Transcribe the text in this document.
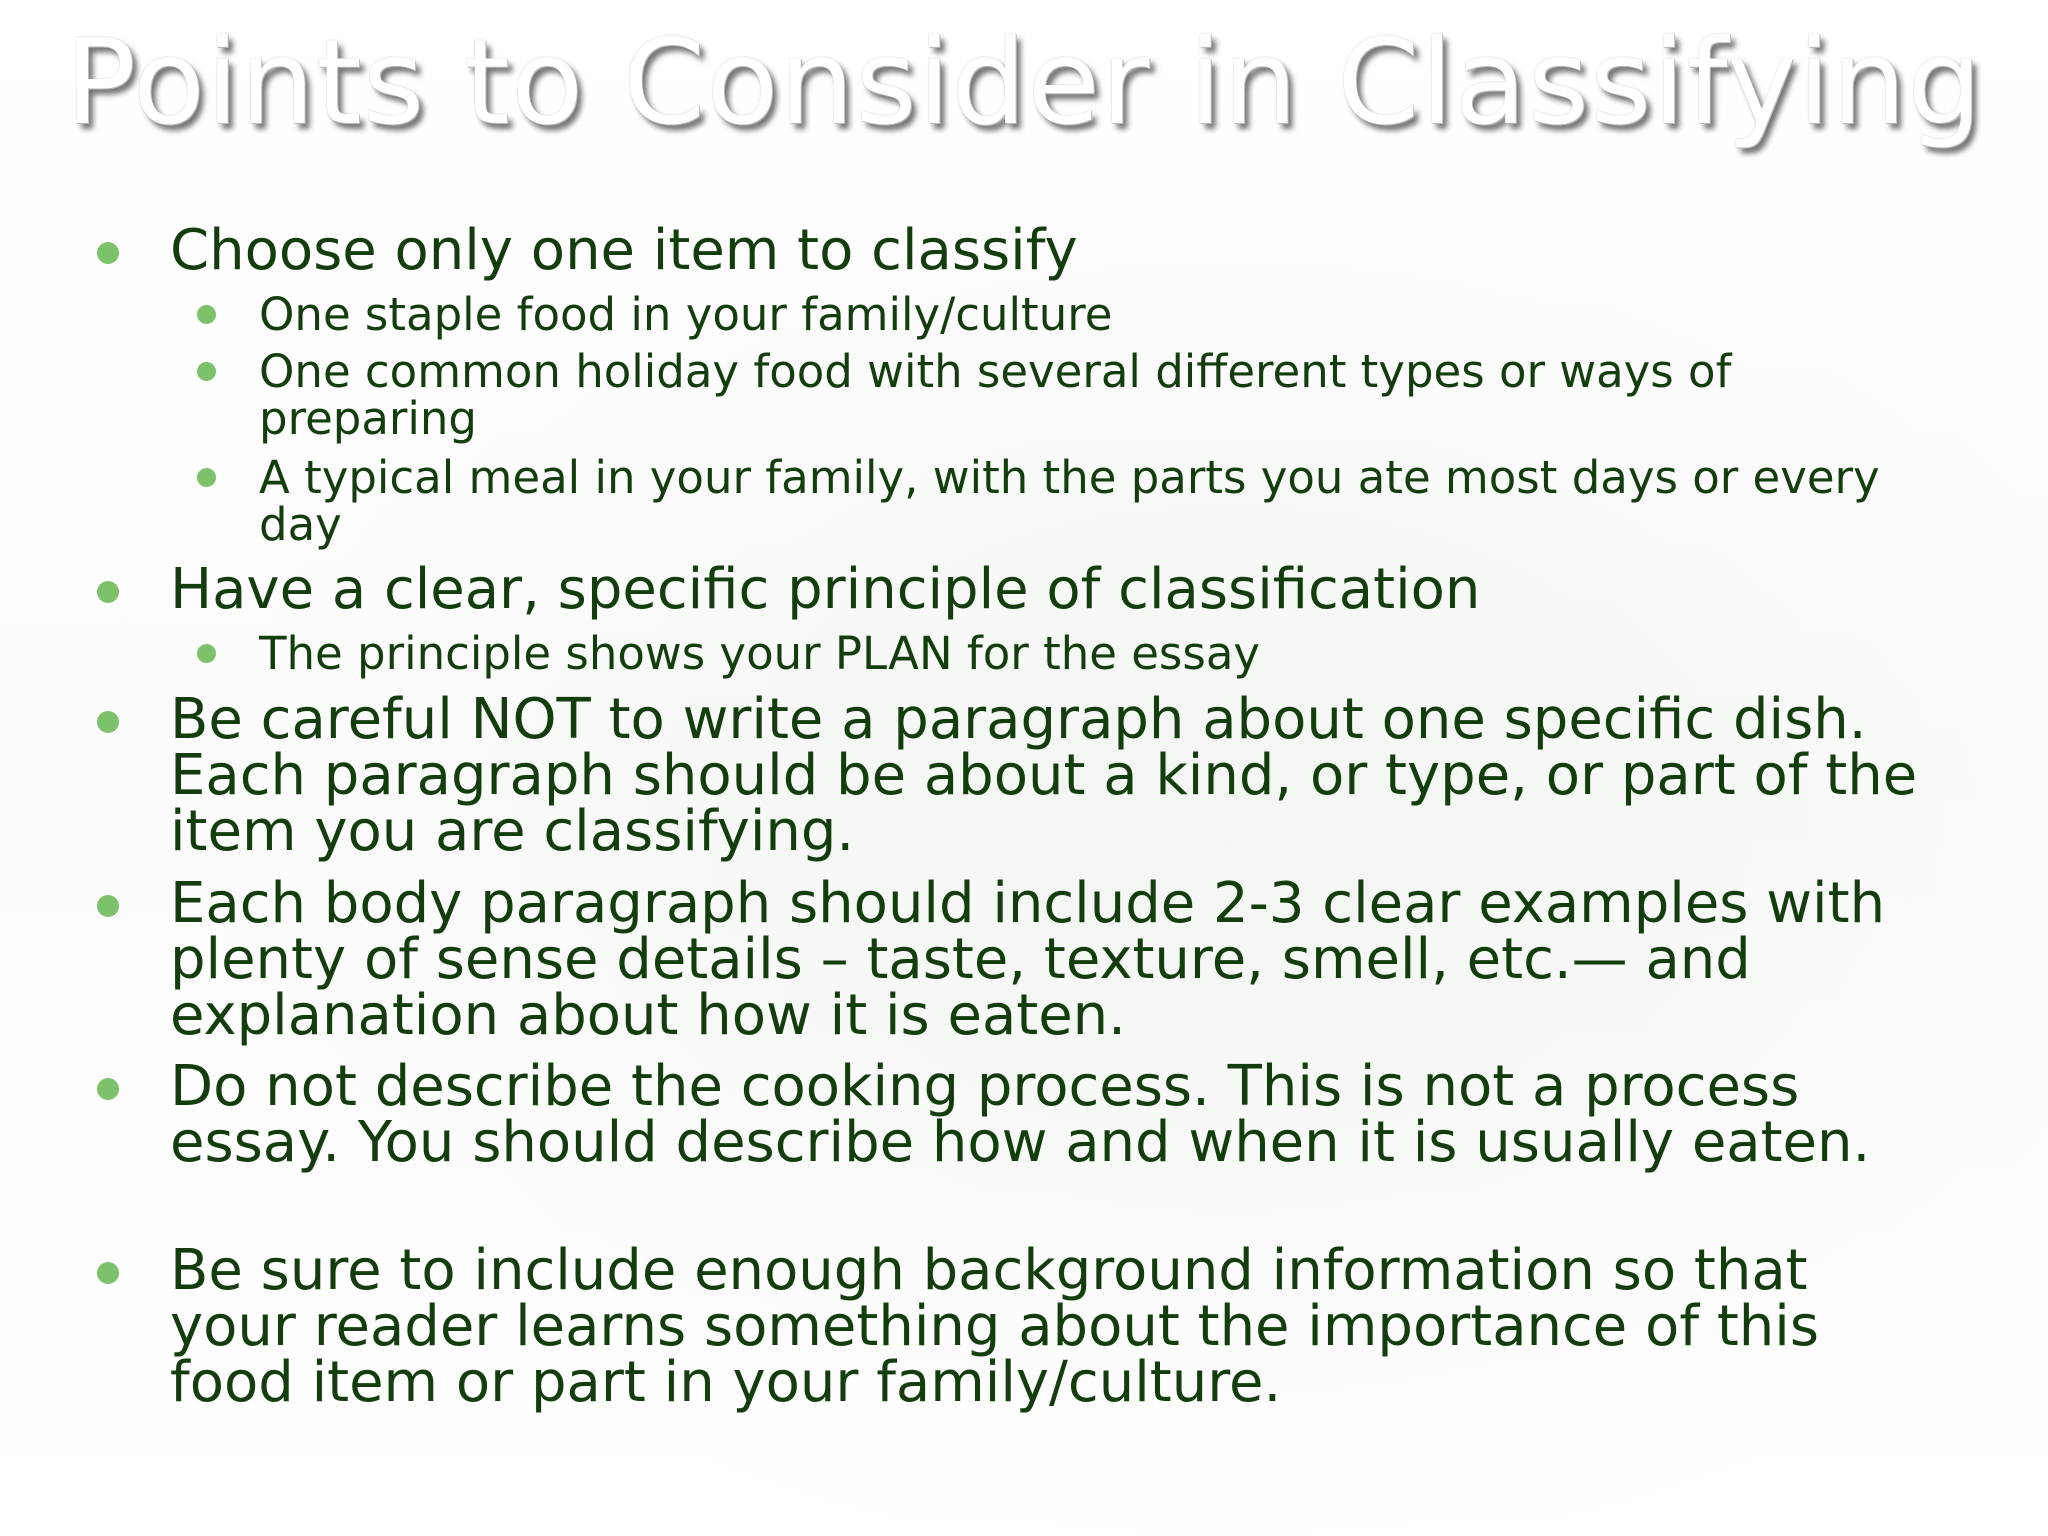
Points to Consider in Classifying
Choose only one item to classify
One staple food in your family/culture
One common holiday food with several different types or ways of preparing
A typical meal in your family, with the parts you ate most days or every day
Have a clear, specific principle of classification
The principle shows your PLAN for the essay
Be careful NOT to write a paragraph about one specific dish. Each paragraph should be about a kind, or type, or part of the item you are classifying.
Each body paragraph should include 2-3 clear examples with plenty of sense details – taste, texture, smell, etc.— and explanation about how it is eaten.
Do not describe the cooking process. This is not a process essay. You should describe how and when it is usually eaten.
Be sure to include enough background information so that your reader learns something about the importance of this food item or part in your family/culture.
